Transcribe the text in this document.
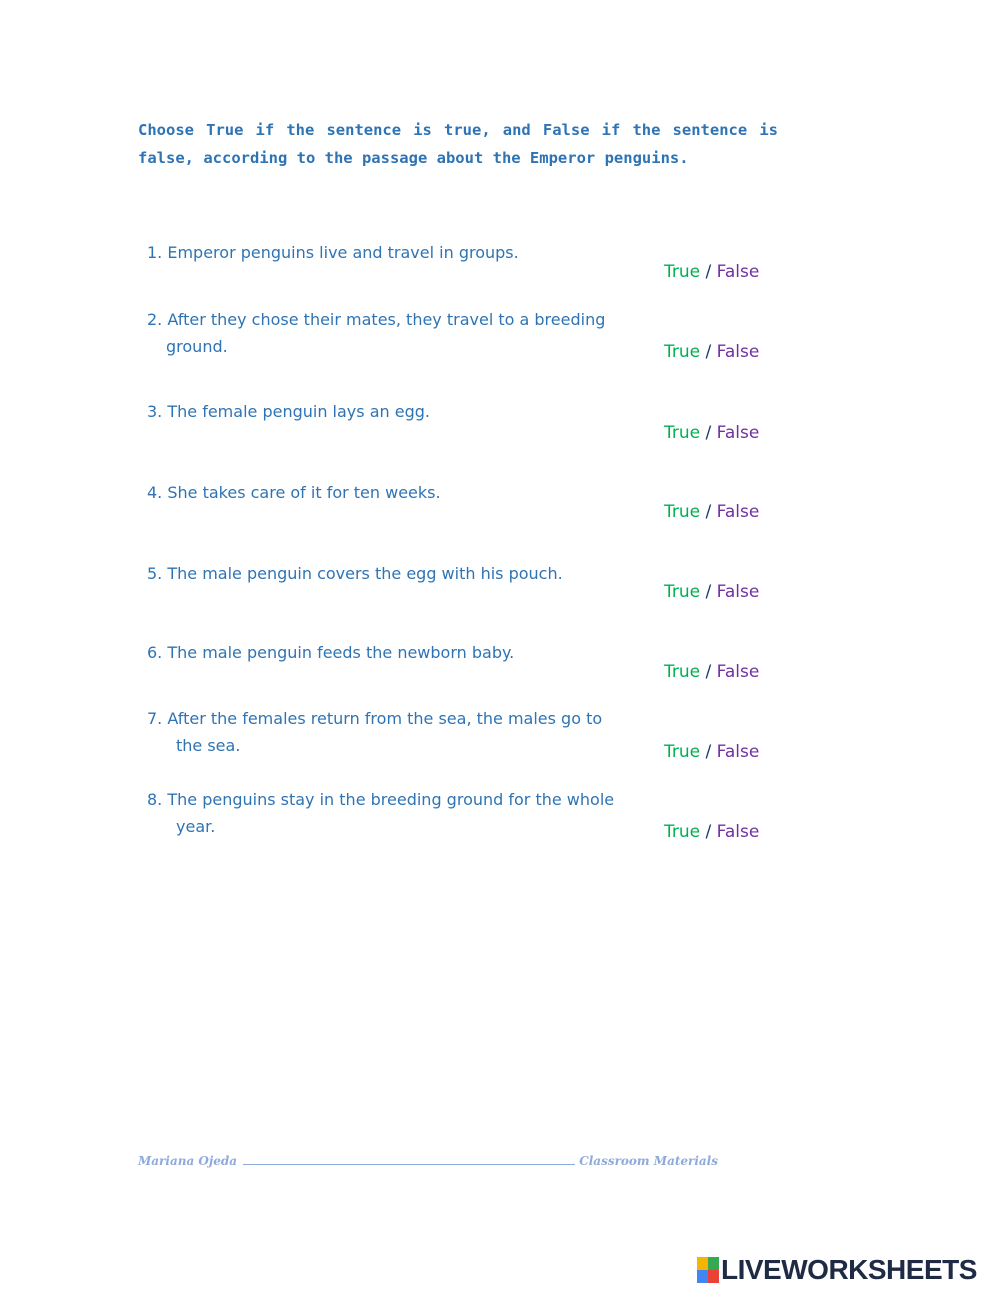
Choose True if the sentence is true, and False if the sentence is false, according to the passage about the Emperor penguins.

1. Emperor penguins live and travel in groups.
True / False
2. After they chose their mates, they travel to a breeding
ground.	True / False
3. The female penguin lays an egg.
True / False
4. She takes care of it for ten weeks.
True / False
5. The male penguin covers the egg with his pouch.
True / False
6. The male penguin feeds the newborn baby.
True / False
7. After the females return from the sea, the males go to
the sea.	True / False
8. The penguins stay in the breeding ground for the whole
year.	True / False
Mariana Ojeda	Classroom Materials
LIVEWORKSHEETS
